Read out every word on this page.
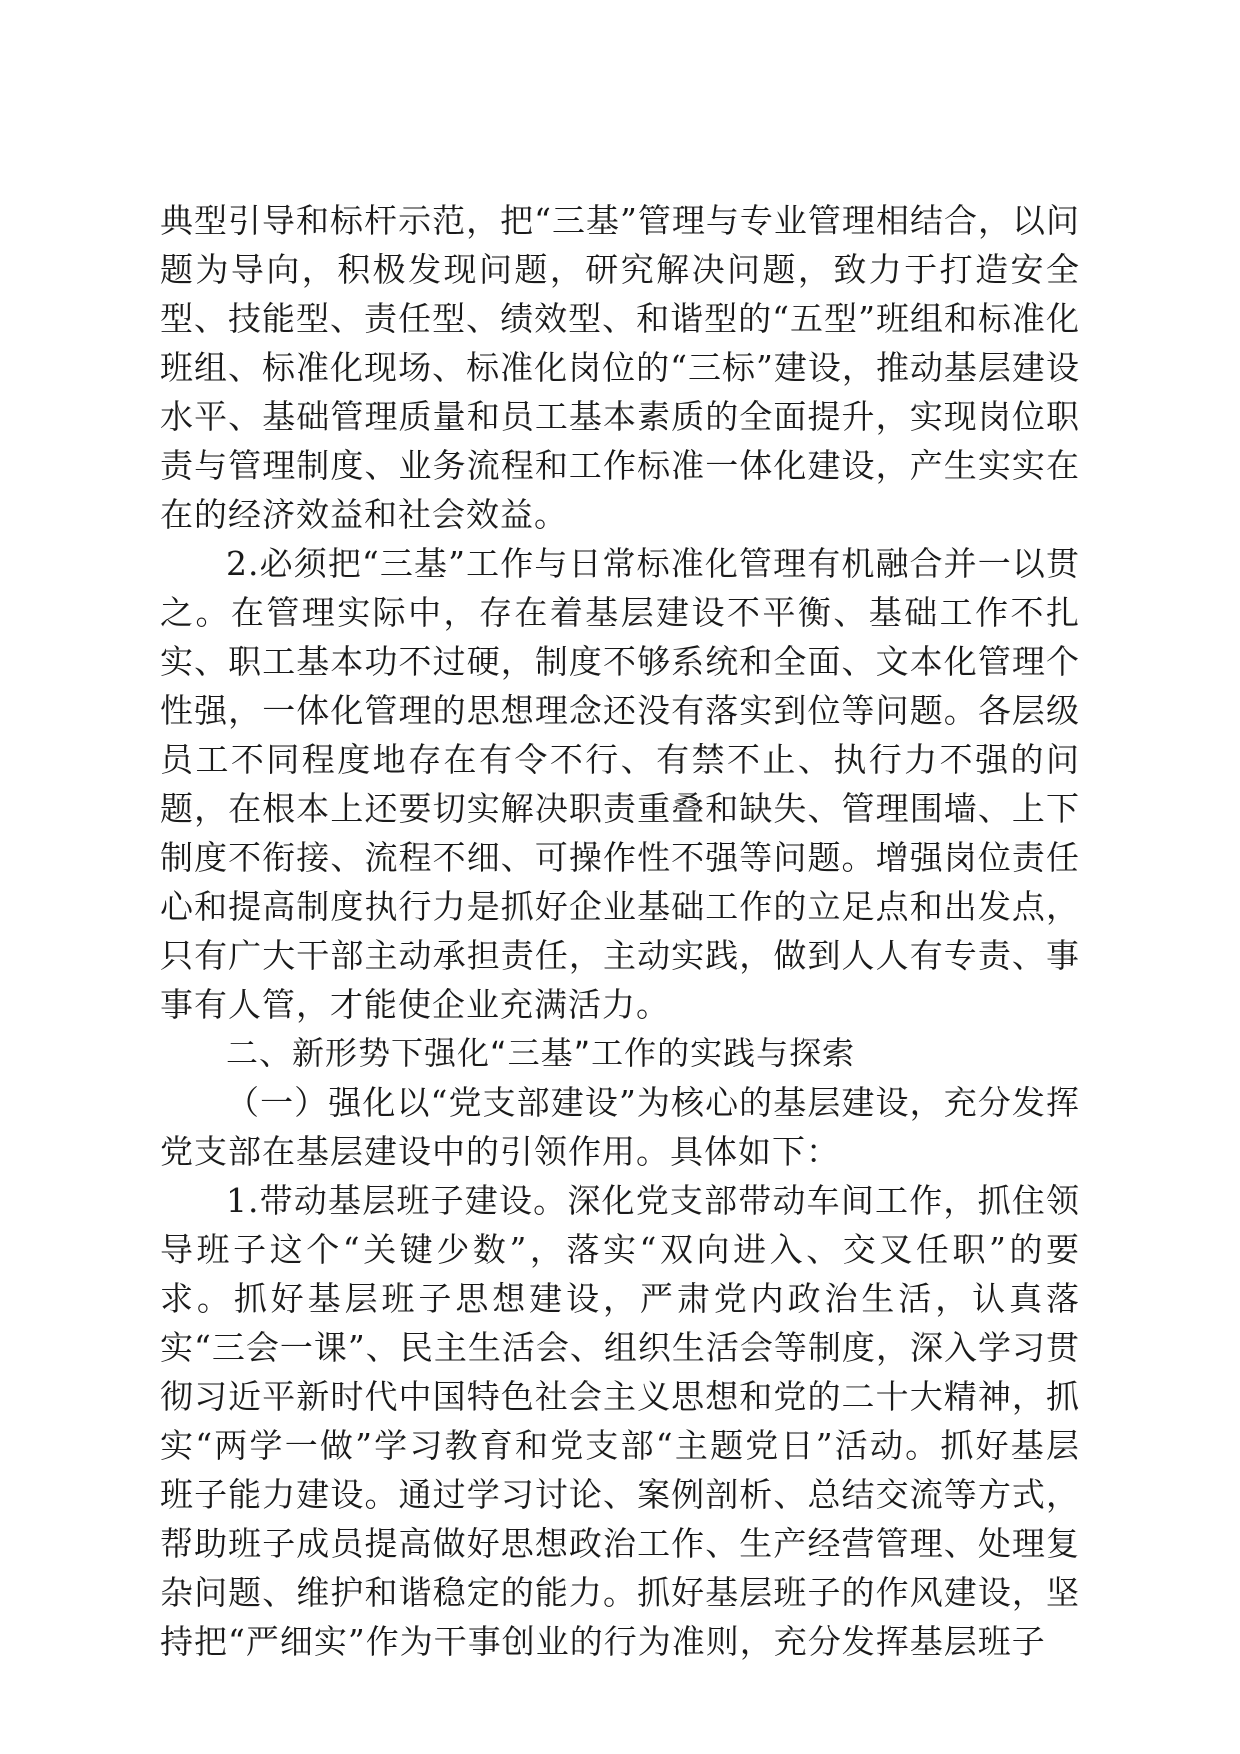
典型引导和标杆示范，把“三基”管理与专业管理相结合，以问题为导向，积极发现问题，研究解决问题，致力于打造安全型、技能型、责任型、绩效型、和谐型的“五型”班组和标准化班组、标准化现场、标准化岗位的“三标”建设，推动基层建设水平、基础管理质量和员工基本素质的全面提升，实现岗位职责与管理制度、业务流程和工作标准一体化建设，产生实实在在的经济效益和社会效益。

2.必须把“三基”工作与日常标准化管理有机融合并一以贯之。在管理实际中，存在着基层建设不平衡、基础工作不扎实、职工基本功不过硬，制度不够系统和全面、文本化管理个性强，一体化管理的思想理念还没有落实到位等问题。各层级员工不同程度地存在有令不行、有禁不止、执行力不强的问题，在根本上还要切实解决职责重叠和缺失、管理围墙、上下制度不衔接、流程不细、可操作性不强等问题。增强岗位责任心和提高制度执行力是抓好企业基础工作的立足点和出发点，只有广大干部主动承担责任，主动实践，做到人人有专责、事事有人管，才能使企业充满活力。

二、新形势下强化“三基”工作的实践与探索

（一）强化以“党支部建设”为核心的基层建设，充分发挥党支部在基层建设中的引领作用。具体如下：

1.带动基层班子建设。深化党支部带动车间工作，抓住领导班子这个“关键少数”，落实“双向进入、交叉任职”的要求。抓好基层班子思想建设，严肃党内政治生活，认真落实“三会一课”、民主生活会、组织生活会等制度，深入学习贯彻习近平新时代中国特色社会主义思想和党的二十大精神，抓实“两学一做”学习教育和党支部“主题党日”活动。抓好基层班子能力建设。通过学习讨论、案例剖析、总结交流等方式，帮助班子成员提高做好思想政治工作、生产经营管理、处理复杂问题、维护和谐稳定的能力。抓好基层班子的作风建设，坚持把“严细实”作为干事创业的行为准则，充分发挥基层班子
